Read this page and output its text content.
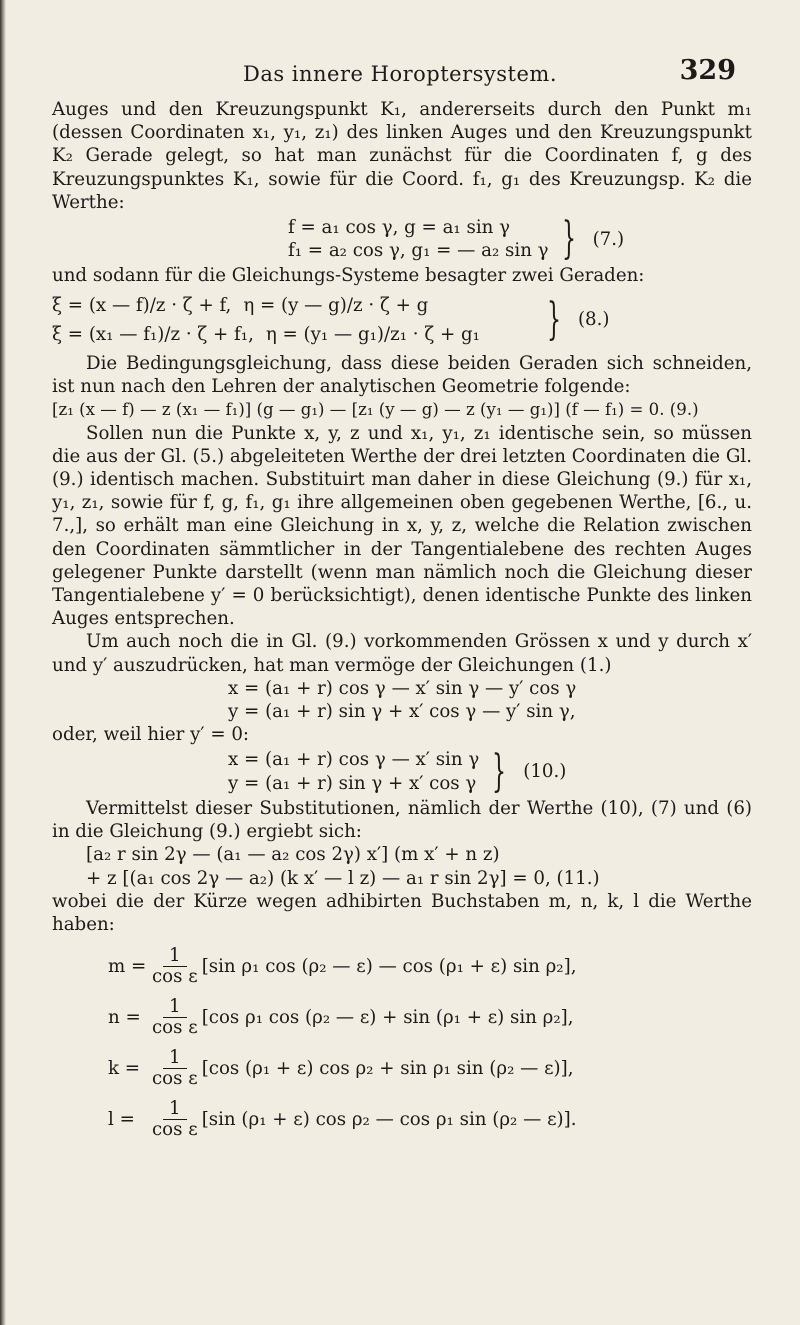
Das innere Horoptersystem.	329

Auges und den Kreuzungspunkt K₁, andererseits durch den Punkt m₁ (dessen Coordinaten x₁, y₁, z₁) des linken Auges und den Kreuzungspunkt K₂ Gerade gelegt, so hat man zunächst für die Coordinaten f, g des Kreuzungspunktes K₁, sowie für die Coord. f₁, g₁ des Kreuzungsp. K₂ die Werthe:

f = a₁ cos γ, g = a₁ sin γ
f₁ = a₂ cos γ, g₁ = — a₂ sin γ } (7.)

und sodann für die Gleichungs-Systeme besagter zwei Geraden:

ξ = (x — f)/z · ζ + f, η = (y — g)/z · ζ + g
ξ = (x₁ — f₁)/z · ζ + f₁, η = (y₁ — g₁)/z₁ · ζ + g₁ } (8.)

Die Bedingungsgleichung, dass diese beiden Geraden sich schneiden, ist nun nach den Lehren der analytischen Geometrie folgende:

[z₁ (x — f) — z (x₁ — f₁)] (g — g₁) — [z₁ (y — g) — z (y₁ — g₁)] (f — f₁) = 0. (9.)

Sollen nun die Punkte x, y, z und x₁, y₁, z₁ identische sein, so müssen die aus der Gl. (5.) abgeleiteten Werthe der drei letzten Coordinaten die Gl. (9.) identisch machen. Substituirt man daher in diese Gleichung (9.) für x₁, y₁, z₁, sowie für f, g, f₁, g₁ ihre allgemeinen oben gegebenen Werthe, [6., u. 7.,], so erhält man eine Gleichung in x, y, z, welche die Relation zwischen den Coordinaten sämmtlicher in der Tangentialebene des rechten Auges gelegener Punkte darstellt (wenn man nämlich noch die Gleichung dieser Tangentialebene y′ = 0 berücksichtigt), denen identische Punkte des linken Auges entsprechen.

Um auch noch die in Gl. (9.) vorkommenden Grössen x und y durch x′ und y′ auszudrücken, hat man vermöge der Gleichungen (1.)

x = (a₁ + r) cos γ — x′ sin γ — y′ cos γ
y = (a₁ + r) sin γ + x′ cos γ — y′ sin γ,

oder, weil hier y′ = 0:

x = (a₁ + r) cos γ — x′ sin γ
y = (a₁ + r) sin γ + x′ cos γ } (10.)

Vermittelst dieser Substitutionen, nämlich der Werthe (10), (7) und (6) in die Gleichung (9.) ergiebt sich:

[a₂ r sin 2γ — (a₁ — a₂ cos 2γ) x′] (m x′ + n z)
+ z [(a₁ cos 2γ — a₂) (k x′ — l z) — a₁ r sin 2γ] = 0, (11.)

wobei die der Kürze wegen adhibirten Buchstaben m, n, k, l die Werthe haben:

$m = \frac{1}{\text{cos ε}} [\sin$ ρ₁ cos (ρ₂ — ε) — cos (ρ₁ + ε) sin ρ₂],
$n = \frac{1}{\text{cos ε}} [\cos$ ρ₁ cos (ρ₂ — ε) + sin (ρ₁ + ε) sin ρ₂],
$k = \frac{1}{\text{cos ε}} [\cos$ (ρ₁ + ε) cos ρ₂ + sin ρ₁ sin (ρ₂ — ε)],
$l = \frac{1}{\text{cos ε}} [\sin$ (ρ₁ + ε) cos ρ₂ — cos ρ₁ sin (ρ₂ — ε)].
